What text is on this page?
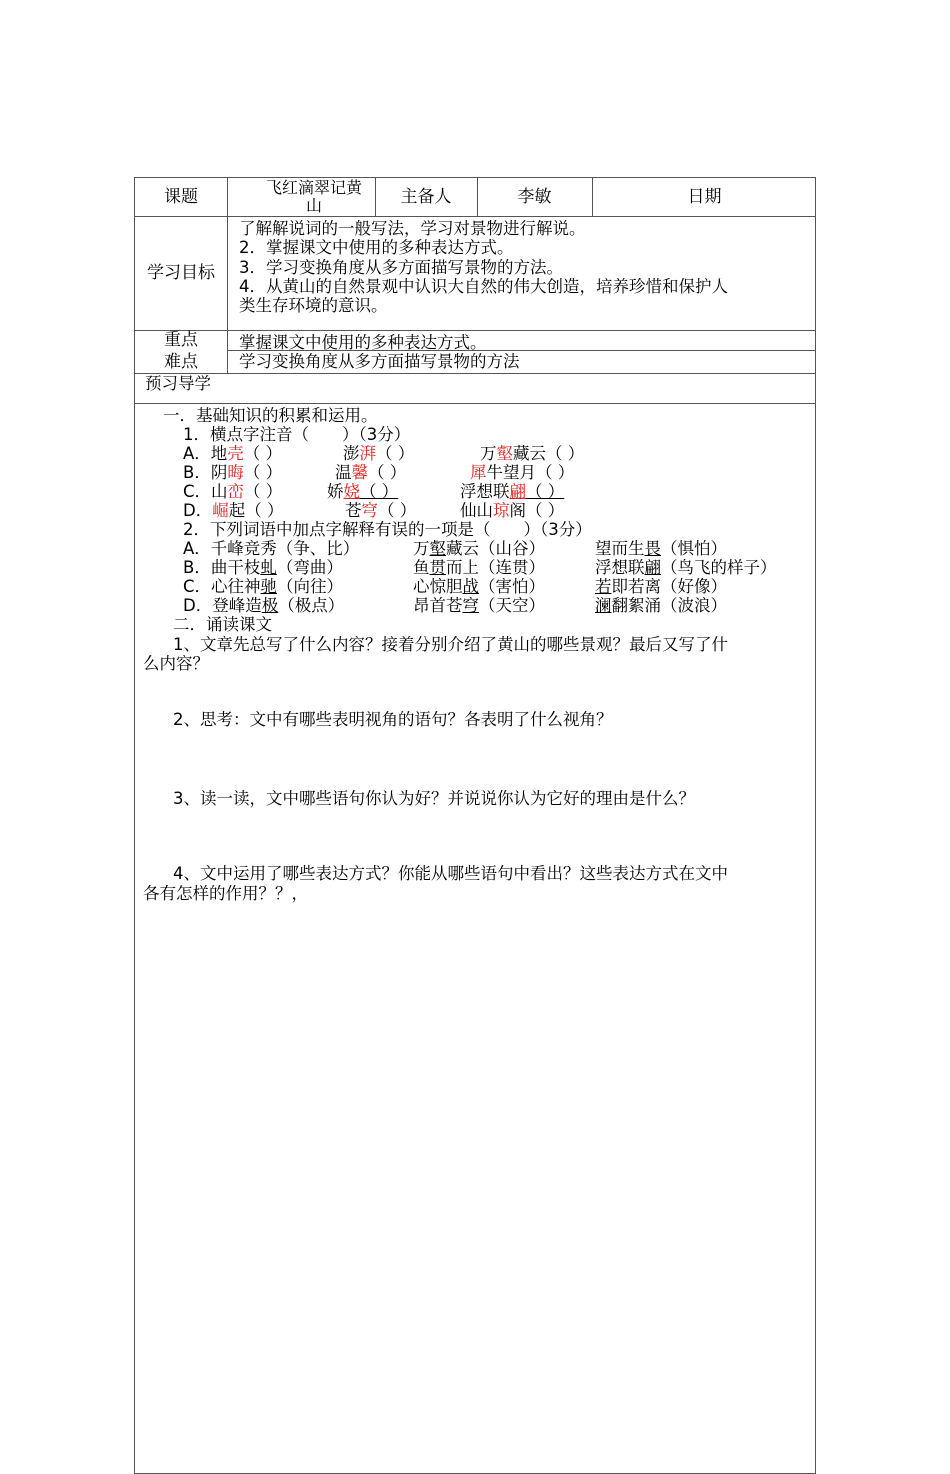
课题	飞红滴翠记黄山	主备人	李敏	日期
学习目标
了解解说词的一般写法，学习对景物进行解说。
2．掌握课文中使用的多种表达方式。
3．学习变换角度从多方面描写景物的方法。
4．从黄山的自然景观中认识大自然的伟大创造，培养珍惜和保护人
类生存环境的意识。
重点	掌握课文中使用的多种表达方式。
难点	学习变换角度从多方面描写景物的方法
预习导学
一．基础知识的积累和运用。
1．横点字注音（　　）（3分）
A．地壳（ ）	澎湃（ ）	万壑藏云（ ）
B．阴晦（ ）	温馨（ ）	犀牛望月（ ）
C．山峦（ ）	娇娆（ ）	浮想联翩（ ）
D．崛起（ ）	苍穹（ ）	仙山琼阁（ ）
2．下列词语中加点字解释有误的一项是（　　）（3分）
A．千峰竞秀（争、比）	万壑藏云（山谷）	望而生畏（惧怕）
B．曲干枝虬（弯曲）	鱼贯而上（连贯）	浮想联翩（鸟飞的样子）
C．心往神驰（向往）	心惊胆战（害怕）	若即若离（好像）
D．登峰造极（极点）	昂首苍穹（天空）	澜翻絮涌（波浪）
二．诵读课文
1、文章先总写了什么内容？接着分别介绍了黄山的哪些景观？最后又写了什
么内容？
2、思考：文中有哪些表明视角的语句？各表明了什么视角？
3、读一读，文中哪些语句你认为好？并说说你认为它好的理由是什么？
4、文中运用了哪些表达方式？你能从哪些语句中看出？这些表达方式在文中
各有怎样的作用？？，
